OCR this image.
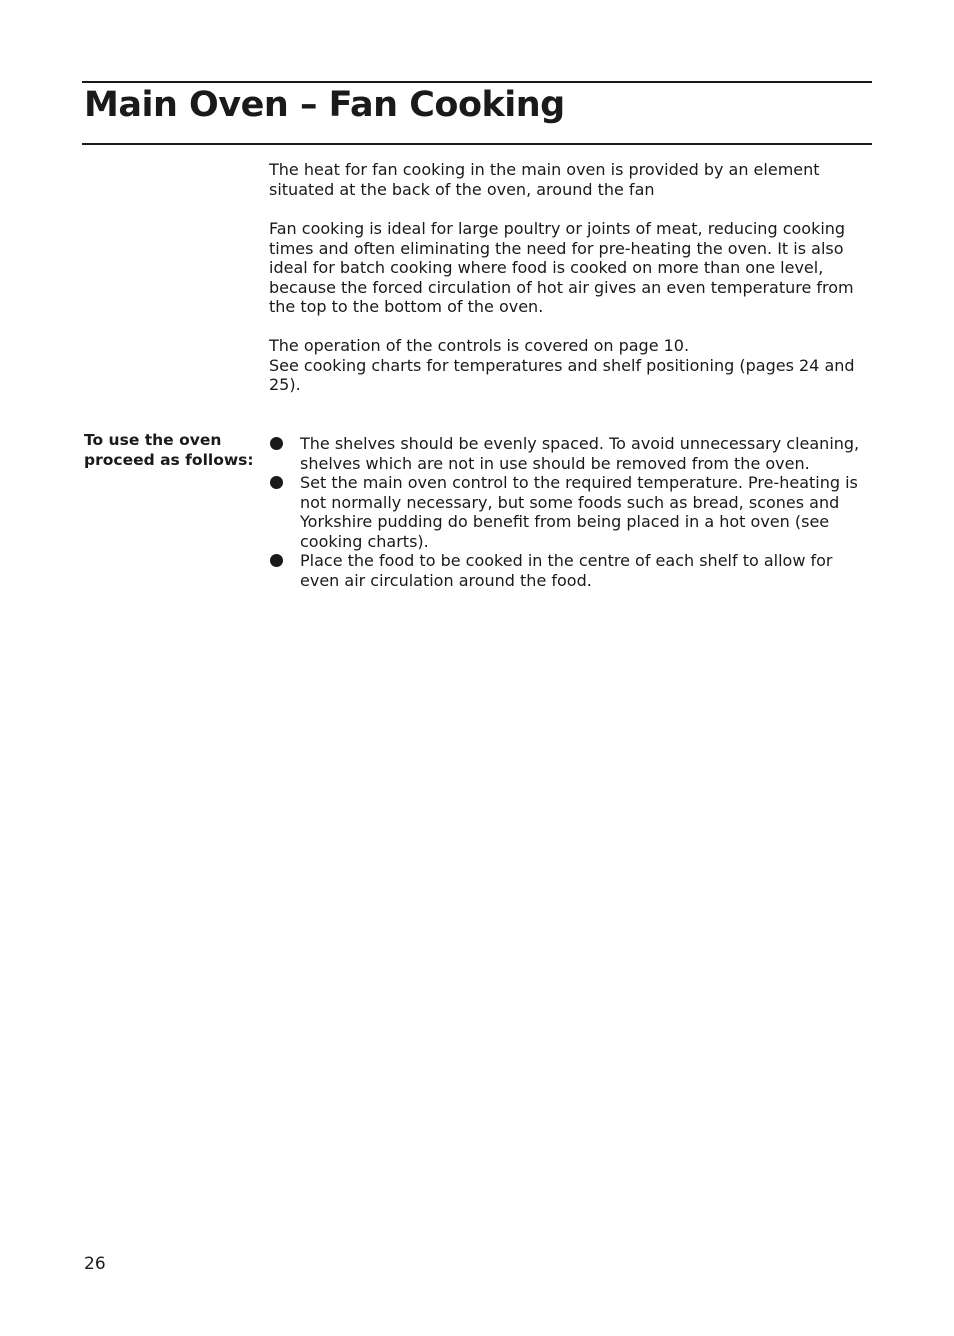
Main Oven – Fan Cooking

The heat for fan cooking in the main oven is provided by an element situated at the back of the oven, around the fan

Fan cooking is ideal for large poultry or joints of meat, reducing cooking times and often eliminating the need for pre-heating the oven. It is also ideal for batch cooking where food is cooked on more than one level, because the forced circulation of hot air gives an even temperature from the top to the bottom of the oven.

The operation of the controls is covered on page 10.
See cooking charts for temperatures and shelf positioning (pages 24 and 25).

To use the oven
proceed as follows:
The shelves should be evenly spaced. To avoid unnecessary cleaning, shelves which are not in use should be removed from the oven.
Set the main oven control to the required temperature. Pre-heating is not normally necessary, but some foods such as bread, scones and Yorkshire pudding do benefit from being placed in a hot oven (see cooking charts).
Place the food to be cooked in the centre of each shelf to allow for even air circulation around the food.
26
